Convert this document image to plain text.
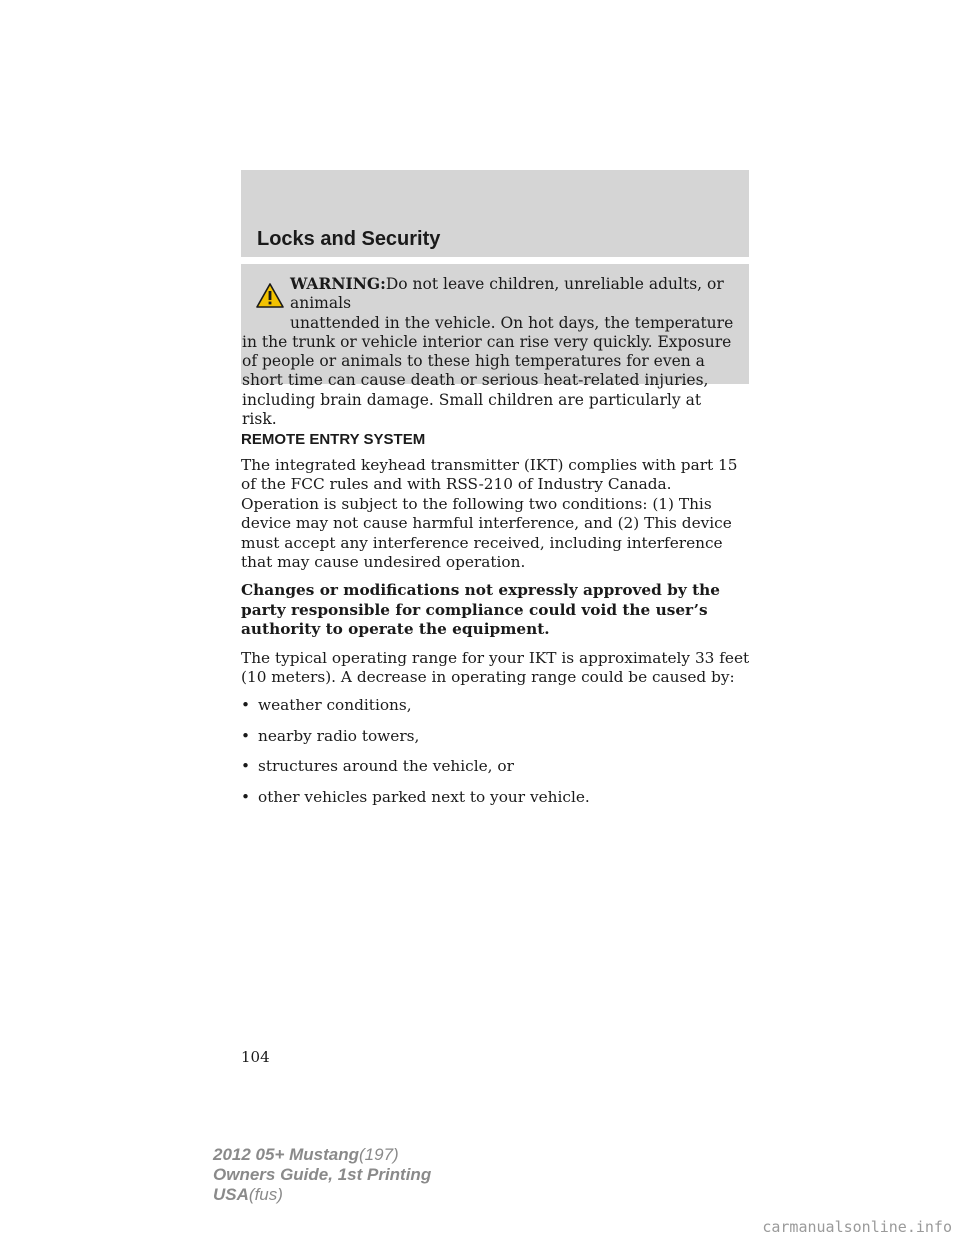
Locks and Security

WARNING:Do not leave children, unreliable adults, or animals
unattended in the vehicle. On hot days, the temperature in the trunk or vehicle interior can rise very quickly. Exposure of people or animals to these high temperatures for even a short time can cause death or serious heat-related injuries, including brain damage. Small children are particularly at risk.

REMOTE ENTRY SYSTEM

The integrated keyhead transmitter (IKT) complies with part 15 of the FCC rules and with RSS-210 of Industry Canada. Operation is subject to the following two conditions: (1) This device may not cause harmful interference, and (2) This device must accept any interference received, including interference that may cause undesired operation.

Changes or modifications not expressly approved by the party responsible for compliance could void the user’s authority to operate the equipment.

The typical operating range for your IKT is approximately 33 feet (10 meters). A decrease in operating range could be caused by:

• weather conditions,
• nearby radio towers,
• structures around the vehicle, or
• other vehicles parked next to your vehicle.
104
2012 05+ Mustang(197)
Owners Guide, 1st Printing
USA(fus)
carmanualsonline.info
